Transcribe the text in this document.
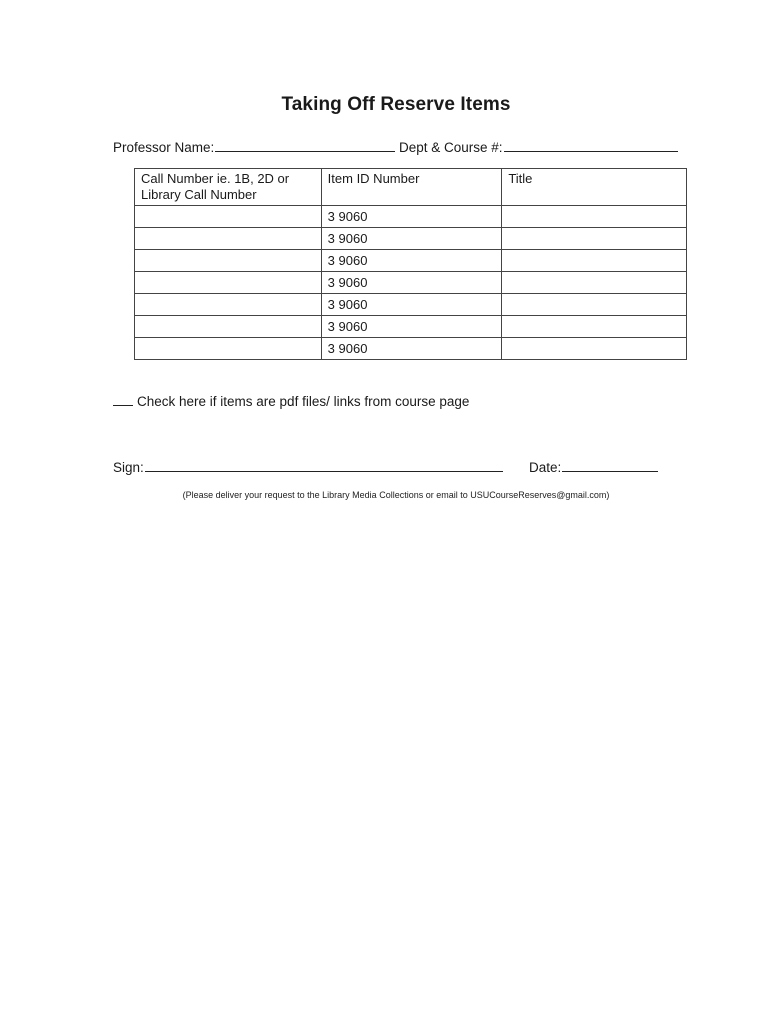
Taking Off Reserve Items
Professor Name:	Dept & Course #:
Call Number ie. 1B, 2D or Library Call Number	Item ID Number	Title
	3 9060	
	3 9060	
	3 9060	
	3 9060	
	3 9060	
	3 9060	
	3 9060	
Check here if items are pdf files/ links from course page
Sign:	Date:
(Please deliver your request to the Library Media Collections or email to USUCourseReserves@gmail.com)
